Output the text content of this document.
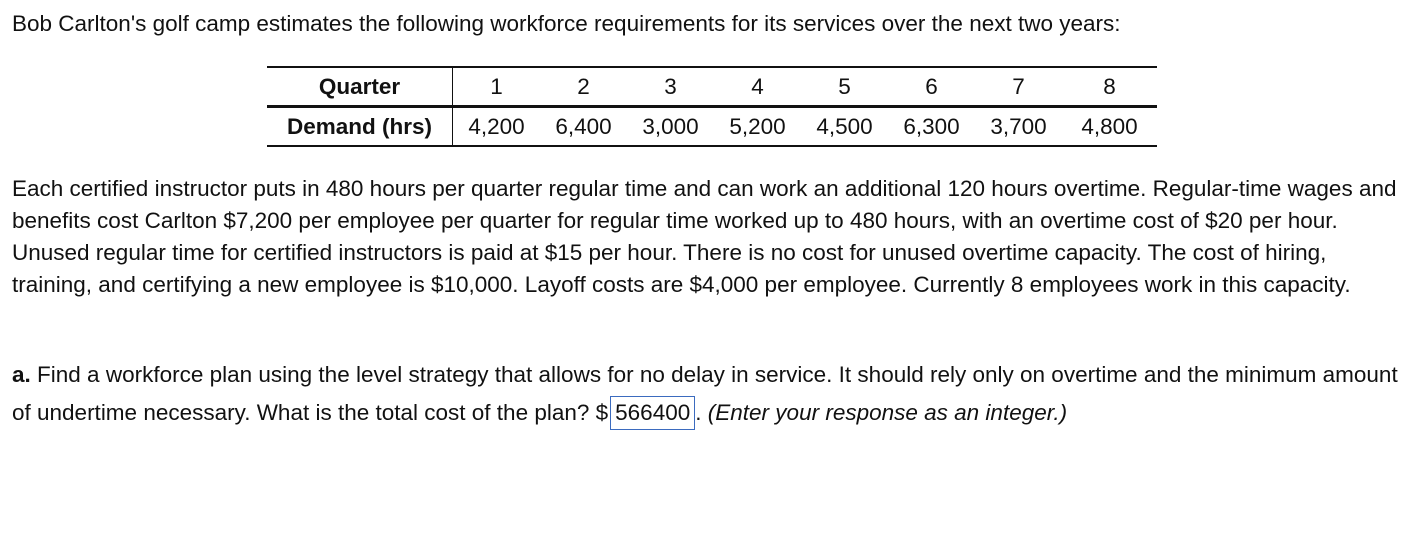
Bob Carlton's golf camp estimates the following workforce requirements for its services over the next two years:

Quarter	1	2	3	4	5	6	7	8
Demand (hrs)	4,200	6,400	3,000	5,200	4,500	6,300	3,700	4,800

Each certified instructor puts in 480 hours per quarter regular time and can work an additional 120 hours overtime. Regular-time wages and benefits cost Carlton $7,200 per employee per quarter for regular time worked up to 480 hours, with an overtime cost of $20 per hour. Unused regular time for certified instructors is paid at $15 per hour. There is no cost for unused overtime capacity. The cost of hiring, training, and certifying a new employee is $10,000. Layoff costs are $4,000 per employee. Currently 8 employees work in this capacity.

a. Find a workforce plan using the level strategy that allows for no delay in service. It should rely only on overtime and the minimum amount of undertime necessary. What is the total cost of the plan? $ 566400 . (Enter your response as an integer.)
